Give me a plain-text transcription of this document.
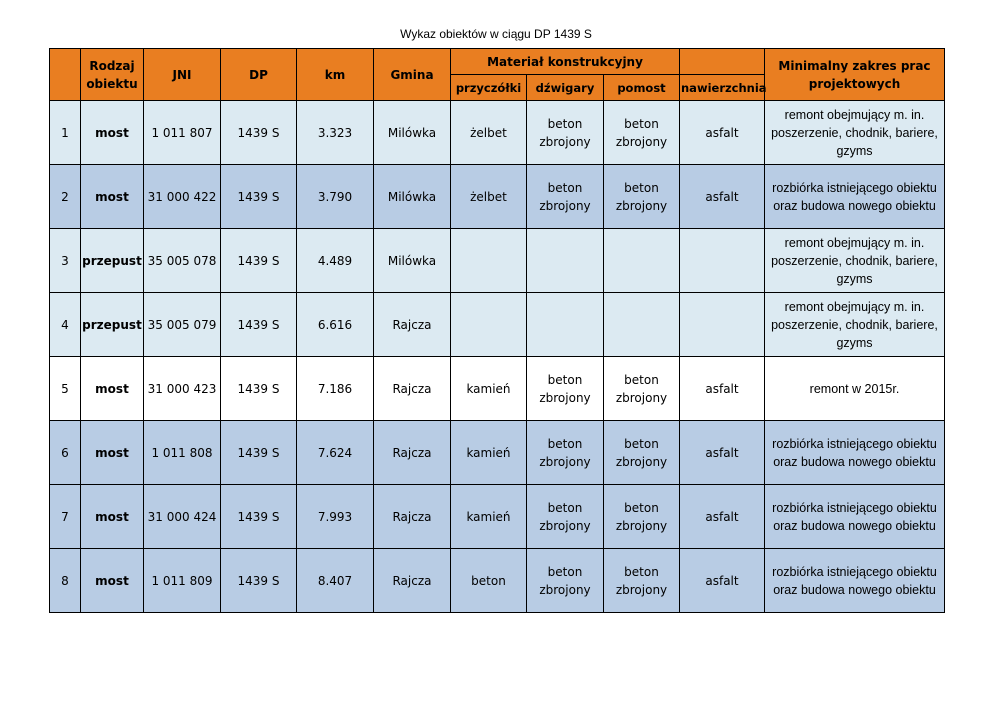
Wykaz obiektów w ciągu DP 1439 S
	Rodzaj obiektu	JNI	DP	km	Gmina	Materiał konstrukcyjny				Minimalny zakres prac projektowych
						przyczółki	dźwigary	pomost	nawierzchnia	
1	most	1 011 807	1439 S	3.323	Milówka	żelbet	beton zbrojony	beton zbrojony	asfalt	remont obejmujący m. in. poszerzenie, chodnik, bariere, gzyms
2	most	31 000 422	1439 S	3.790	Milówka	żelbet	beton zbrojony	beton zbrojony	asfalt	rozbiórka istniejącego obiektu oraz budowa nowego obiektu
3	przepust	35 005 078	1439 S	4.489	Milówka					remont obejmujący m. in. poszerzenie, chodnik, bariere, gzyms
4	przepust	35 005 079	1439 S	6.616	Rajcza					remont obejmujący m. in. poszerzenie, chodnik, bariere, gzyms
5	most	31 000 423	1439 S	7.186	Rajcza	kamień	beton zbrojony	beton zbrojony	asfalt	remont w 2015r.
6	most	1 011 808	1439 S	7.624	Rajcza	kamień	beton zbrojony	beton zbrojony	asfalt	rozbiórka istniejącego obiektu oraz budowa nowego obiektu
7	most	31 000 424	1439 S	7.993	Rajcza	kamień	beton zbrojony	beton zbrojony	asfalt	rozbiórka istniejącego obiektu oraz budowa nowego obiektu
8	most	1 011 809	1439 S	8.407	Rajcza	beton	beton zbrojony	beton zbrojony	asfalt	rozbiórka istniejącego obiektu oraz budowa nowego obiektu
